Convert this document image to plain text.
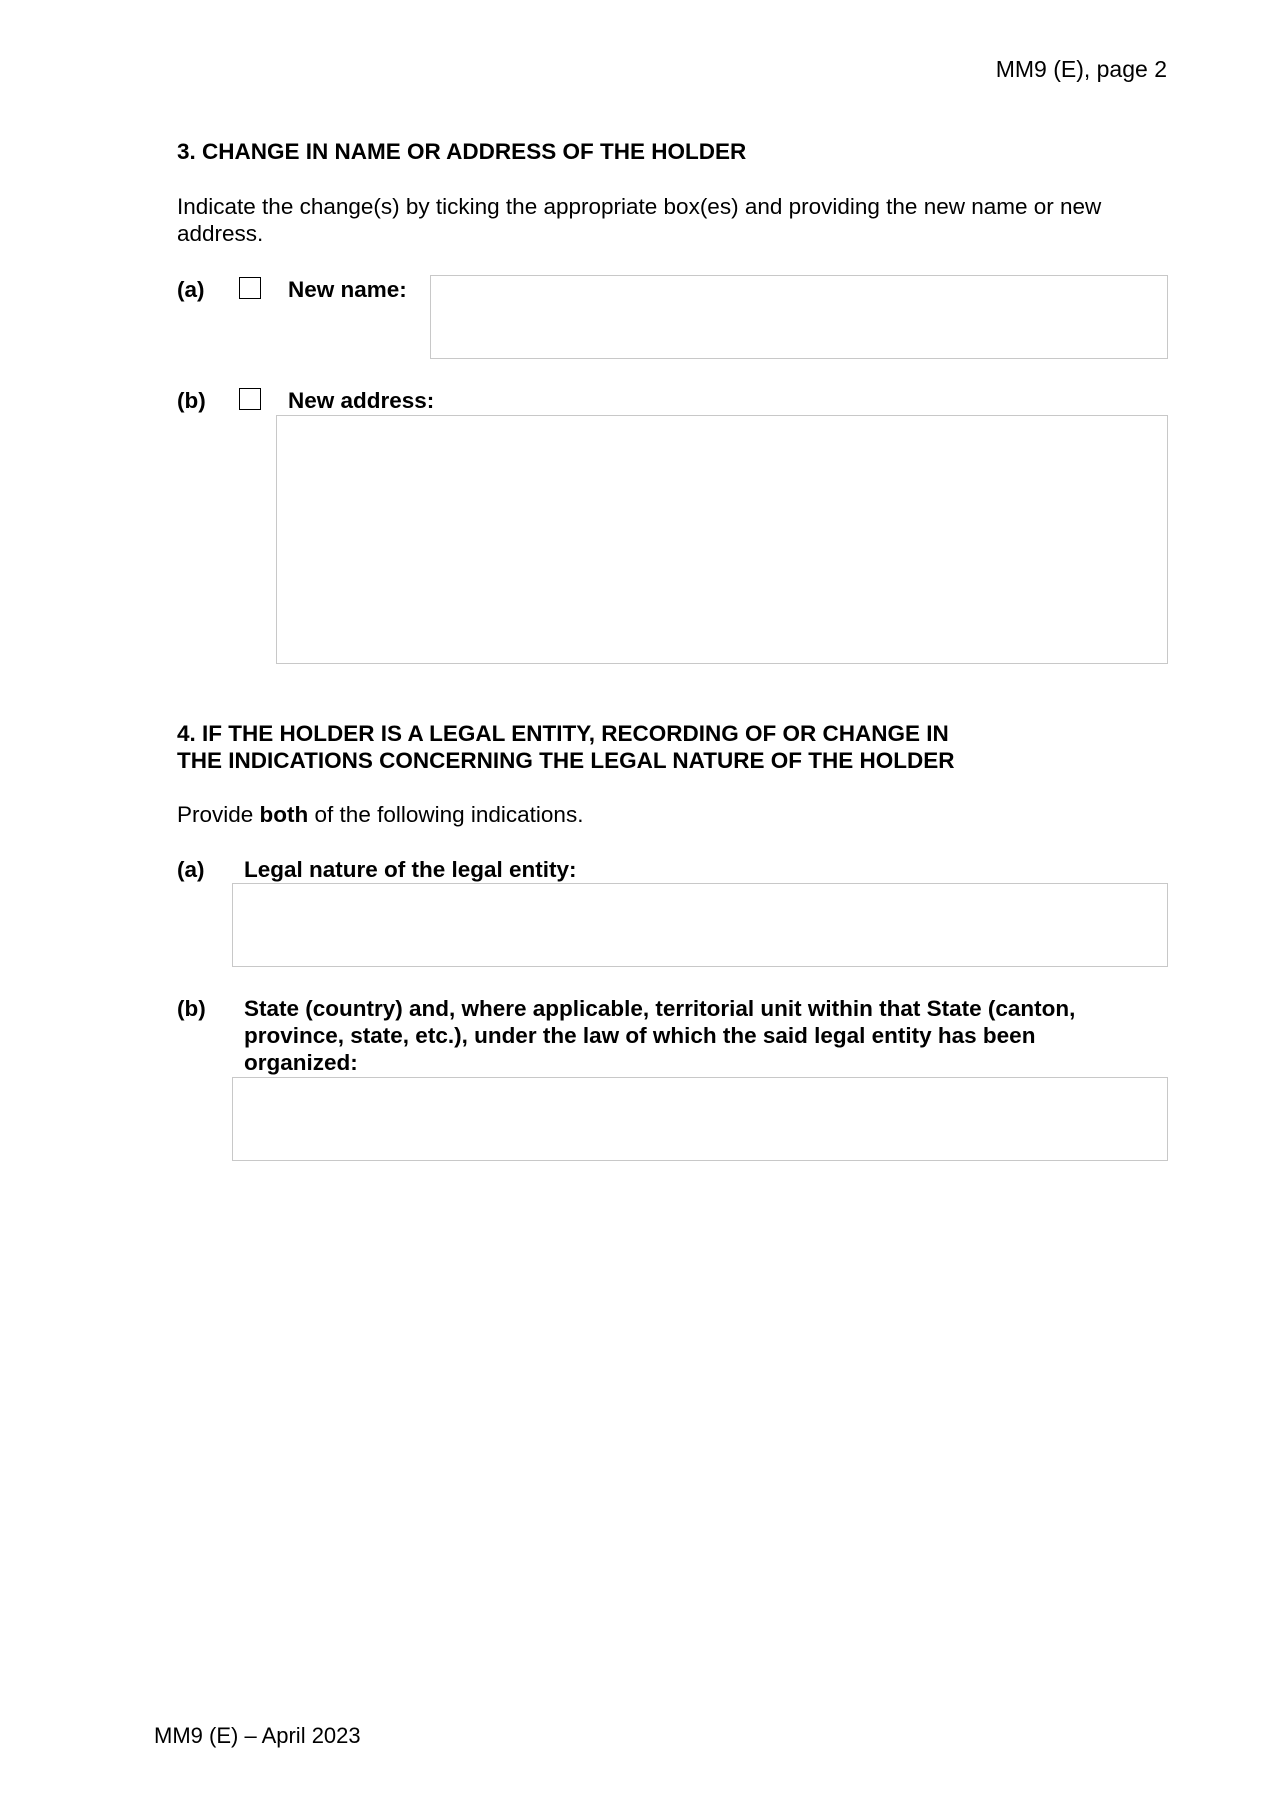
MM9 (E), page 2
3. CHANGE IN NAME OR ADDRESS OF THE HOLDER
Indicate the change(s) by ticking the appropriate box(es) and providing the new name or new address.
(a)	New name:
(b)	New address:
4. IF THE HOLDER IS A LEGAL ENTITY, RECORDING OF OR CHANGE IN
THE INDICATIONS CONCERNING THE LEGAL NATURE OF THE HOLDER
Provide both of the following indications.
(a) Legal nature of the legal entity:
(b) State (country) and, where applicable, territorial unit within that State (canton, province, state, etc.), under the law of which the said legal entity has been organized:
MM9 (E) – April 2023
